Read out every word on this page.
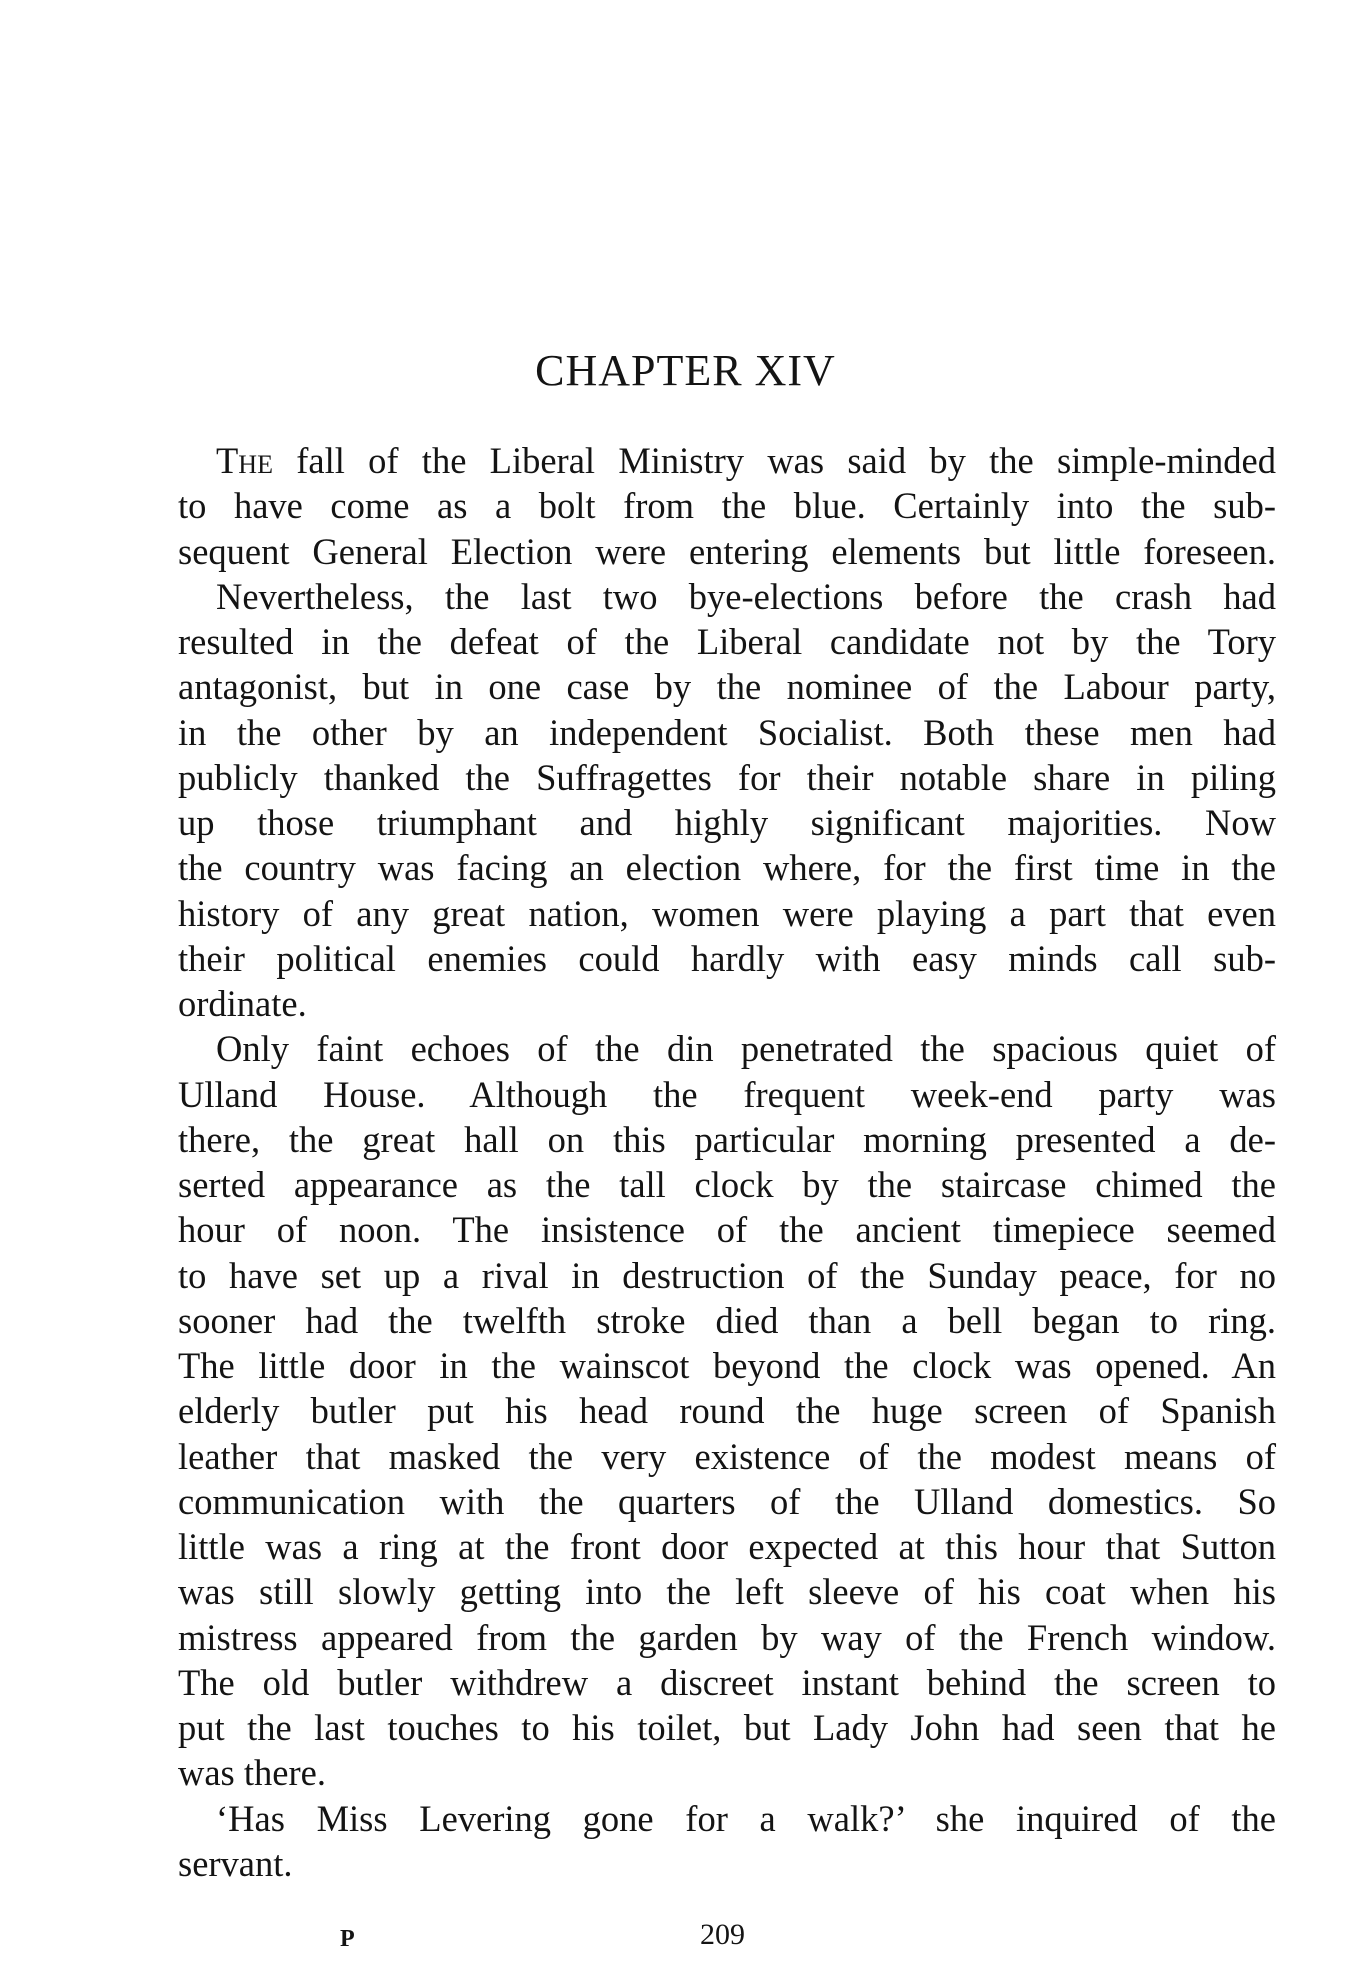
CHAPTER XIV
The fall of the Liberal Ministry was said by the simple-minded
to have come as a bolt from the blue. Certainly into the sub-
sequent General Election were entering elements but little foreseen.
Nevertheless, the last two bye-elections before the crash had
resulted in the defeat of the Liberal candidate not by the Tory
antagonist, but in one case by the nominee of the Labour party,
in the other by an independent Socialist. Both these men had
publicly thanked the Suffragettes for their notable share in piling
up those triumphant and highly significant majorities. Now
the country was facing an election where, for the first time in the
history of any great nation, women were playing a part that even
their political enemies could hardly with easy minds call sub-
ordinate.
Only faint echoes of the din penetrated the spacious quiet of
Ulland House. Although the frequent week-end party was
there, the great hall on this particular morning presented a de-
serted appearance as the tall clock by the staircase chimed the
hour of noon. The insistence of the ancient timepiece seemed
to have set up a rival in destruction of the Sunday peace, for no
sooner had the twelfth stroke died than a bell began to ring.
The little door in the wainscot beyond the clock was opened. An
elderly butler put his head round the huge screen of Spanish
leather that masked the very existence of the modest means of
communication with the quarters of the Ulland domestics. So
little was a ring at the front door expected at this hour that Sutton
was still slowly getting into the left sleeve of his coat when his
mistress appeared from the garden by way of the French window.
The old butler withdrew a discreet instant behind the screen to
put the last touches to his toilet, but Lady John had seen that he
was there.
‘Has Miss Levering gone for a walk?’ she inquired of the
servant.
P	209
